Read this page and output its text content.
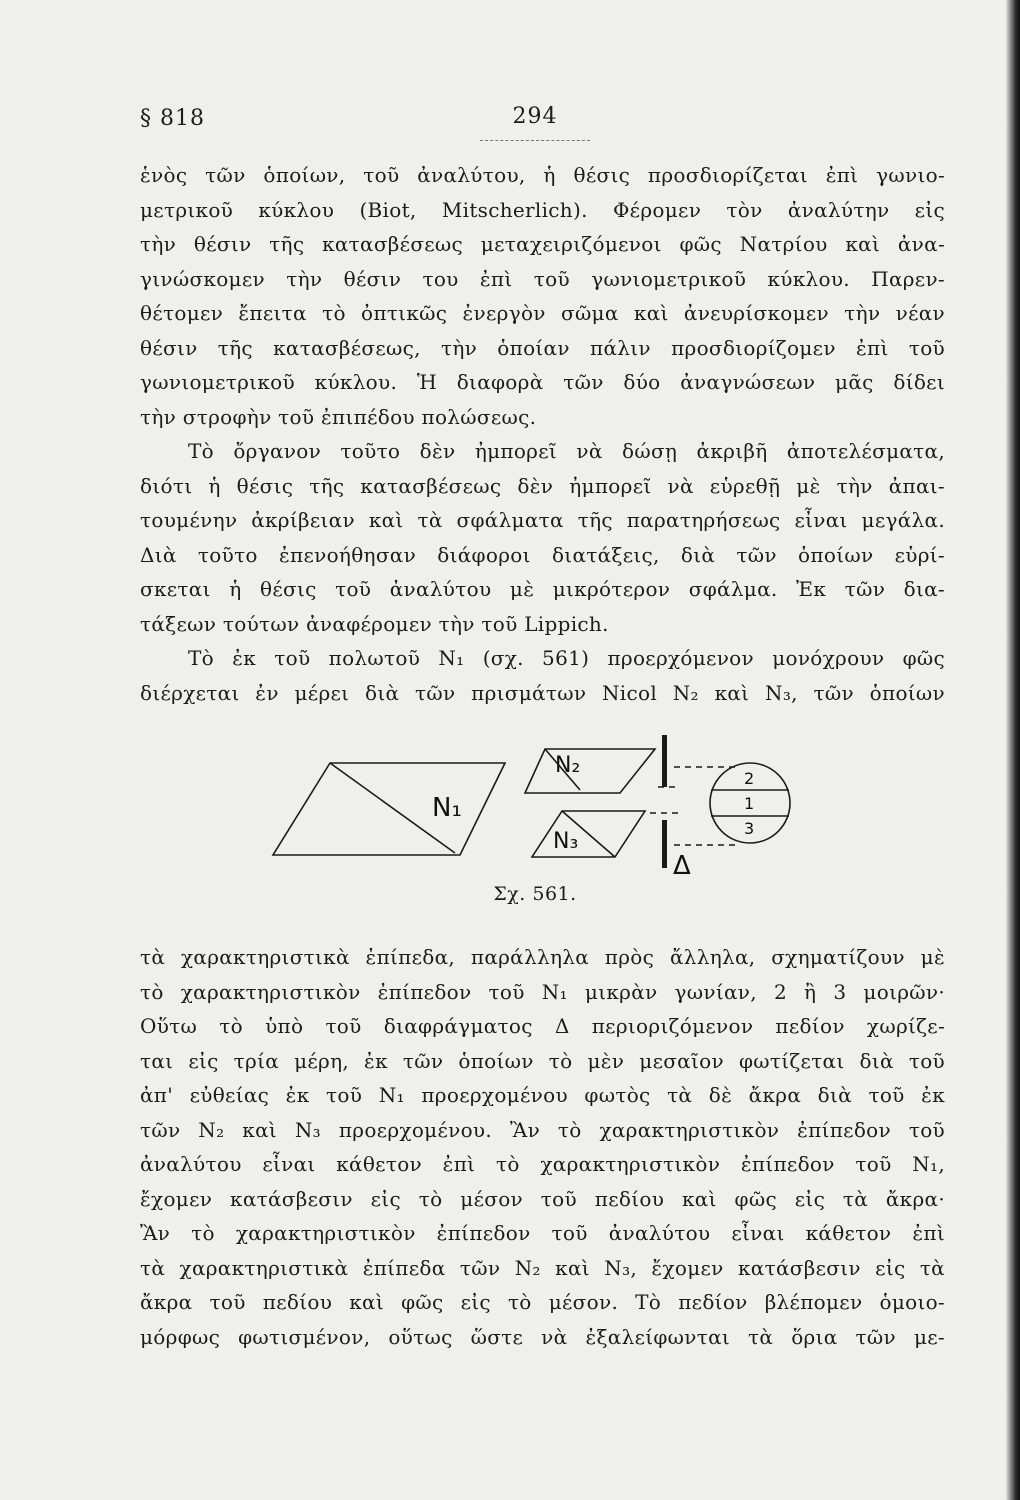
§ 818	294
ἑνὸς τῶν ὁποίων, τοῦ ἀναλύτου, ἡ θέσις προσδιορίζεται ἐπὶ γωνιο-
μετρικοῦ κύκλου (Biot, Mitscherlich). Φέρομεν τὸν ἀναλύτην εἰς
τὴν θέσιν τῆς κατασβέσεως μεταχειριζόμενοι φῶς Νατρίου καὶ ἀνα-
γινώσκομεν τὴν θέσιν του ἐπὶ τοῦ γωνιομετρικοῦ κύκλου. Παρεν-
θέτομεν ἔπειτα τὸ ὀπτικῶς ἐνεργὸν σῶμα καὶ ἀνευρίσκομεν τὴν νέαν
θέσιν τῆς κατασβέσεως, τὴν ὁποίαν πάλιν προσδιορίζομεν ἐπὶ τοῦ
γωνιομετρικοῦ κύκλου. Ἡ διαφορὰ τῶν δύο ἀναγνώσεων μᾶς δίδει
τὴν στροφὴν τοῦ ἐπιπέδου πολώσεως.
Τὸ ὄργανον τοῦτο δὲν ἠμπορεῖ νὰ δώσῃ ἀκριβῆ ἀποτελέσματα,
διότι ἡ θέσις τῆς κατασβέσεως δὲν ἠμπορεῖ νὰ εὑρεθῇ μὲ τὴν ἀπαι-
τουμένην ἀκρίβειαν καὶ τὰ σφάλματα τῆς παρατηρήσεως εἶναι μεγάλα.
Διὰ τοῦτο ἐπενοήθησαν διάφοροι διατάξεις, διὰ τῶν ὁποίων εὑρί-
σκεται ἡ θέσις τοῦ ἀναλύτου μὲ μικρότερον σφάλμα. Ἐκ τῶν δια-
τάξεων τούτων ἀναφέρομεν τὴν τοῦ Lippich.
Τὸ ἐκ τοῦ πολωτοῦ N₁ (σχ. 561) προερχόμενον μονόχρουν φῶς
διέρχεται ἐν μέρει διὰ τῶν πρισμάτων Nicol N₂ καὶ N₃, τῶν ὁποίων
N₁
N₂
N₃
Δ
2
1
3
Σχ. 561.
τὰ χαρακτηριστικὰ ἐπίπεδα, παράλληλα πρὸς ἄλληλα, σχηματίζουν μὲ
τὸ χαρακτηριστικὸν ἐπίπεδον τοῦ N₁ μικρὰν γωνίαν, 2 ἢ 3 μοιρῶν·
Οὕτω τὸ ὑπὸ τοῦ διαφράγματος Δ περιοριζόμενον πεδίον χωρίζε-
ται εἰς τρία μέρη, ἐκ τῶν ὁποίων τὸ μὲν μεσαῖον φωτίζεται διὰ τοῦ
ἀπ' εὐθείας ἐκ τοῦ N₁ προερχομένου φωτὸς τὰ δὲ ἄκρα διὰ τοῦ ἐκ
τῶν N₂ καὶ N₃ προερχομένου. Ἂν τὸ χαρακτηριστικὸν ἐπίπεδον τοῦ
ἀναλύτου εἶναι κάθετον ἐπὶ τὸ χαρακτηριστικὸν ἐπίπεδον τοῦ N₁,
ἔχομεν κατάσβεσιν εἰς τὸ μέσον τοῦ πεδίου καὶ φῶς εἰς τὰ ἄκρα·
Ἂν τὸ χαρακτηριστικὸν ἐπίπεδον τοῦ ἀναλύτου εἶναι κάθετον ἐπὶ
τὰ χαρακτηριστικὰ ἐπίπεδα τῶν N₂ καὶ N₃, ἔχομεν κατάσβεσιν εἰς τὰ
ἄκρα τοῦ πεδίου καὶ φῶς εἰς τὸ μέσον. Τὸ πεδίον βλέπομεν ὁμοιο-
μόρφως φωτισμένον, οὕτως ὥστε νὰ ἐξαλείφωνται τὰ ὅρια τῶν με-
